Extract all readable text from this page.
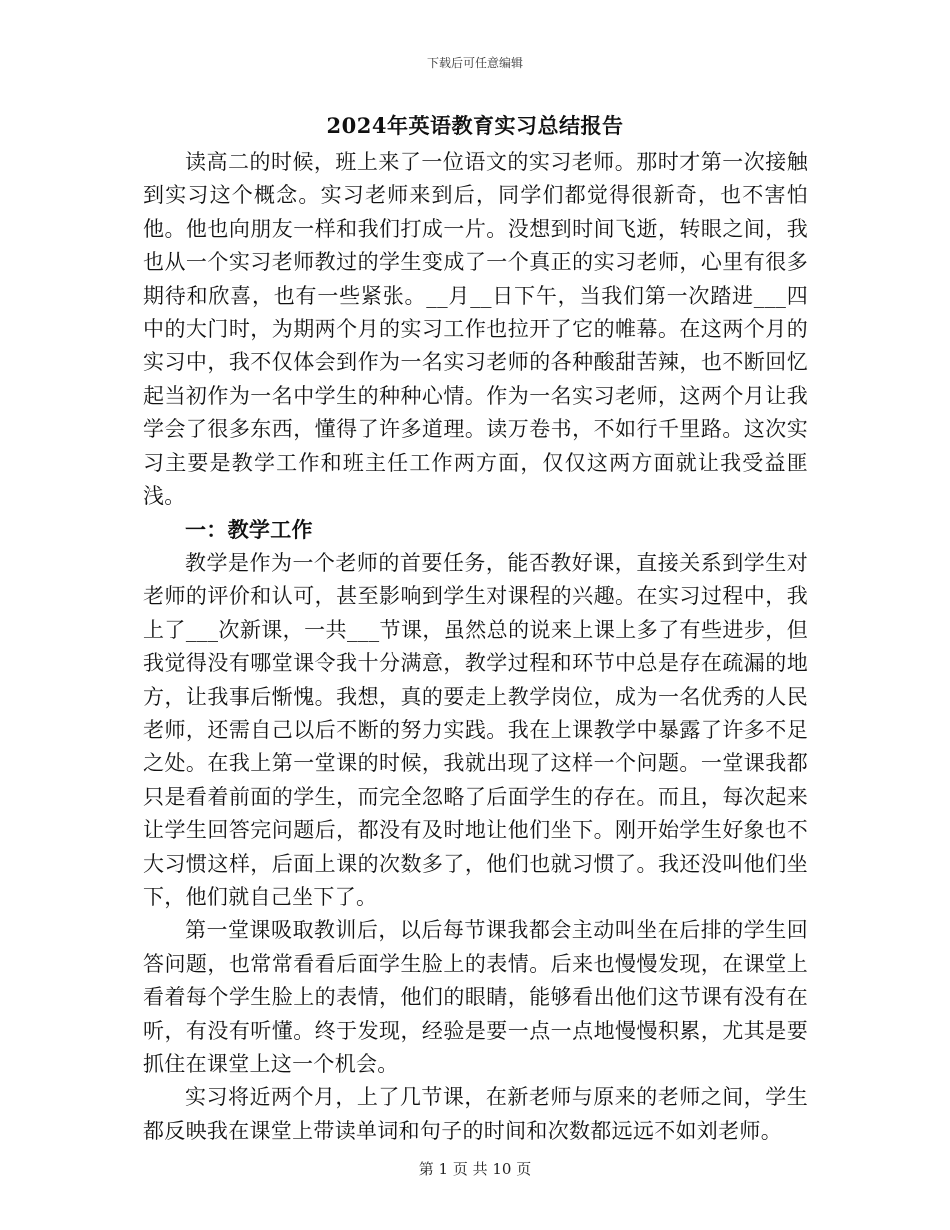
下载后可任意编辑
2024年英语教育实习总结报告

读高二的时候，班上来了一位语文的实习老师。那时才第一次接触到实习这个概念。实习老师来到后，同学们都觉得很新奇，也不害怕他。他也向朋友一样和我们打成一片。没想到时间飞逝，转眼之间，我也从一个实习老师教过的学生变成了一个真正的实习老师，心里有很多期待和欣喜，也有一些紧张。__月__日下午，当我们第一次踏进___四中的大门时，为期两个月的实习工作也拉开了它的帷幕。在这两个月的实习中，我不仅体会到作为一名实习老师的各种酸甜苦辣，也不断回忆起当初作为一名中学生的种种心情。作为一名实习老师，这两个月让我学会了很多东西，懂得了许多道理。读万卷书，不如行千里路。这次实习主要是教学工作和班主任工作两方面，仅仅这两方面就让我受益匪浅。

一：教学工作

教学是作为一个老师的首要任务，能否教好课，直接关系到学生对老师的评价和认可，甚至影响到学生对课程的兴趣。在实习过程中，我上了___次新课，一共___节课，虽然总的说来上课上多了有些进步，但我觉得没有哪堂课令我十分满意，教学过程和环节中总是存在疏漏的地方，让我事后惭愧。我想，真的要走上教学岗位，成为一名优秀的人民老师，还需自己以后不断的努力实践。我在上课教学中暴露了许多不足之处。在我上第一堂课的时候，我就出现了这样一个问题。一堂课我都只是看着前面的学生，而完全忽略了后面学生的存在。而且，每次起来让学生回答完问题后，都没有及时地让他们坐下。刚开始学生好象也不大习惯这样，后面上课的次数多了，他们也就习惯了。我还没叫他们坐下，他们就自己坐下了。

第一堂课吸取教训后，以后每节课我都会主动叫坐在后排的学生回答问题，也常常看看后面学生脸上的表情。后来也慢慢发现，在课堂上看着每个学生脸上的表情，他们的眼睛，能够看出他们这节课有没有在听，有没有听懂。终于发现，经验是要一点一点地慢慢积累，尤其是要抓住在课堂上这一个机会。

实习将近两个月，上了几节课，在新老师与原来的老师之间，学生都反映我在课堂上带读单词和句子的时间和次数都远远不如刘老师。

第 1 页 共 10 页
